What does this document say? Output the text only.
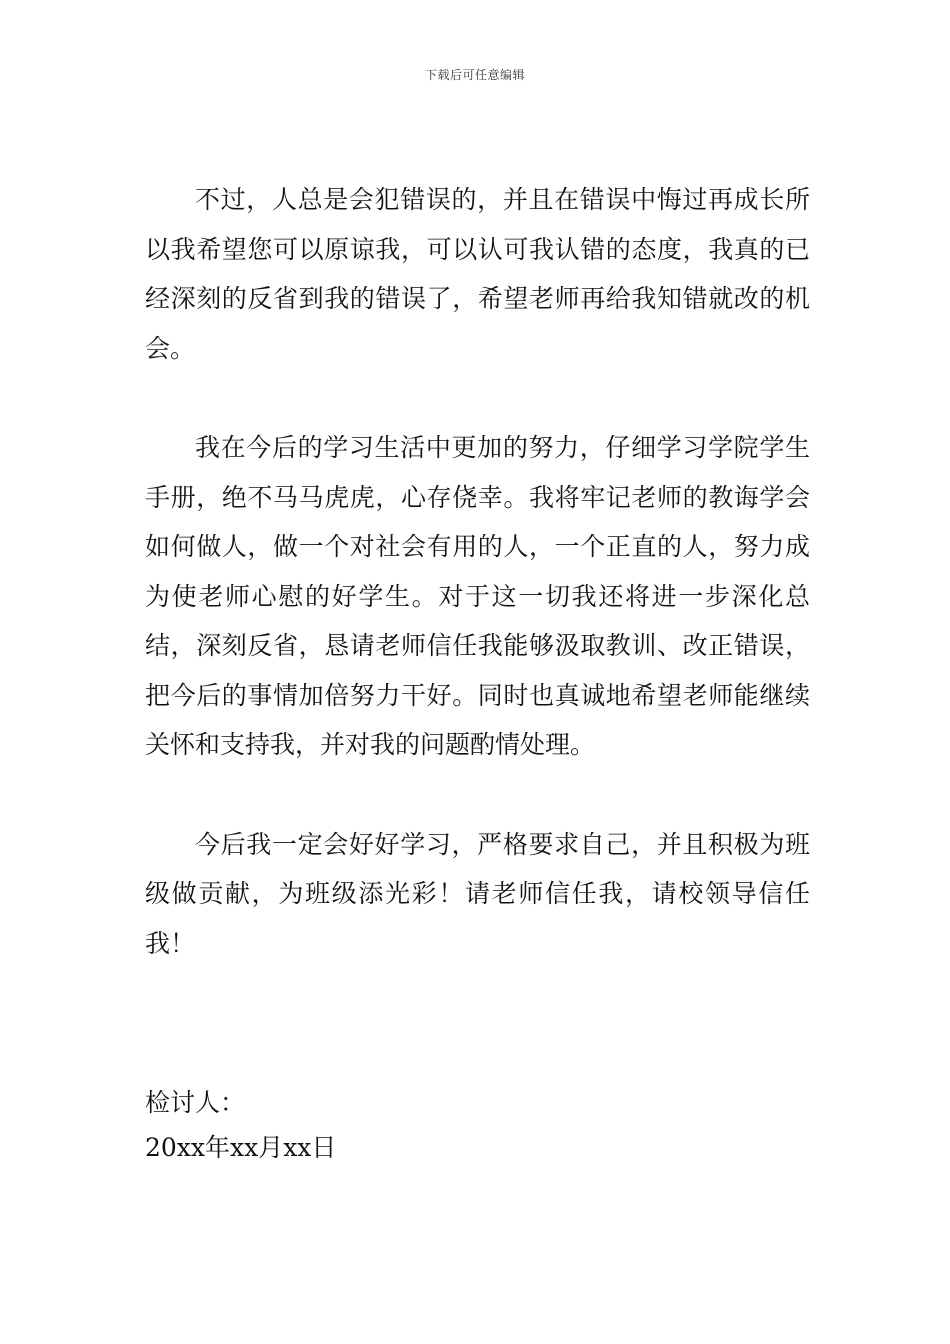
下载后可任意编辑

不过，人总是会犯错误的，并且在错误中悔过再成长所以我希望您可以原谅我，可以认可我认错的态度，我真的已经深刻的反省到我的错误了，希望老师再给我知错就改的机会。

我在今后的学习生活中更加的努力，仔细学习学院学生手册，绝不马马虎虎，心存侥幸。我将牢记老师的教诲学会如何做人，做一个对社会有用的人，一个正直的人，努力成为使老师心慰的好学生。对于这一切我还将进一步深化总结，深刻反省，恳请老师信任我能够汲取教训、改正错误，把今后的事情加倍努力干好。同时也真诚地希望老师能继续关怀和支持我，并对我的问题酌情处理。

今后我一定会好好学习，严格要求自己，并且积极为班级做贡献，为班级添光彩！请老师信任我，请校领导信任我！

检讨人：
20xx年xx月xx日
